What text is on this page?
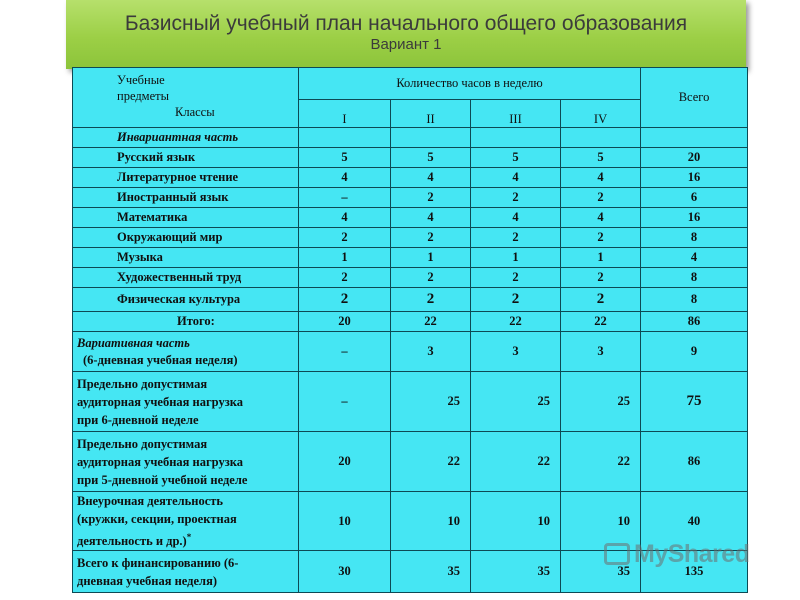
Базисный учебный план начального общего образования
Вариант 1
Учебные
предметы
Классы	Количество часов в неделю				Всего
	I	II	III	IV	
Инвариантная часть					
Русский язык	5	5	5	5	20
Литературное чтение	4	4	4	4	16
Иностранный язык	–	2	2	2	6
Математика	4	4	4	4	16
Окружающий мир	2	2	2	2	8
Музыка	1	1	1	1	4
Художественный труд	2	2	2	2	8
Физическая культура	2	2	2	2	8
Итого:	20	22	22	22	86

Вариативная часть
(6-дневная учебная неделя)	–	3	3	3	9

Предельно допустимая
аудиторная учебная нагрузка
при 6-дневной неделе	–	25	25	25	75

Предельно допустимая
аудиторная учебная нагрузка
при 5-дневной учебной неделе	20	22	22	22	86

Внеурочная деятельность
(кружки, секции, проектная
деятельность и др.)*	10	10	10	10	40

Всего к финансированию (6-
дневная учебная неделя)	30	35	35	35	135
MyShared
